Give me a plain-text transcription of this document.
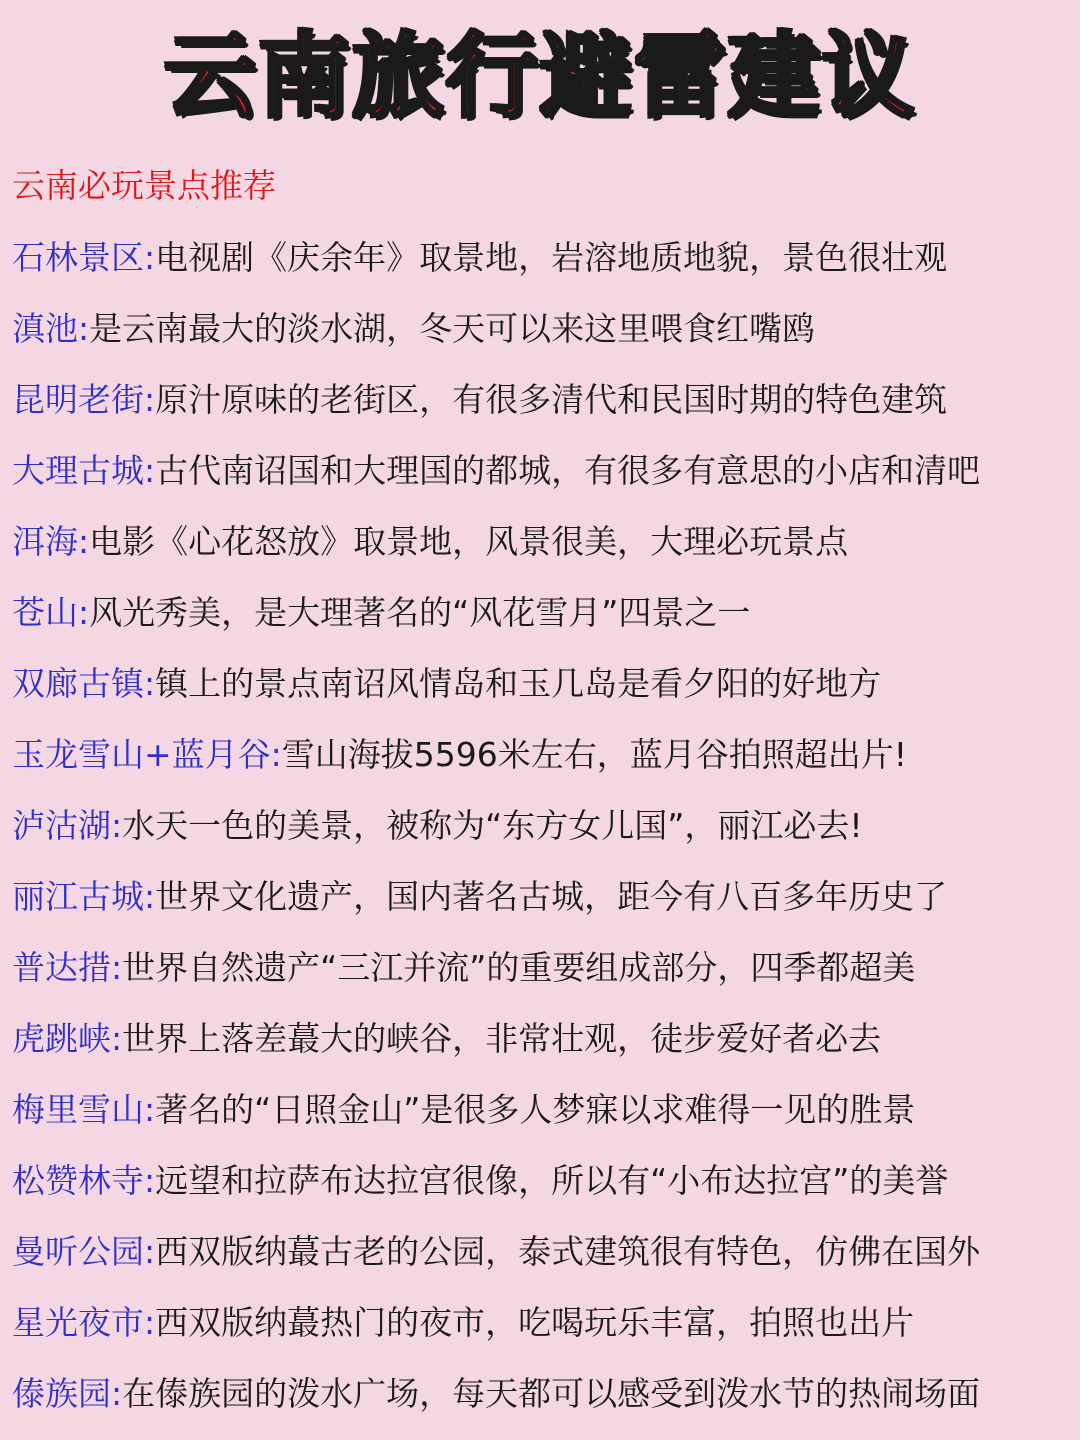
云南旅行避雷建议
云南必玩景点推荐
石林景区:电视剧《庆余年》取景地，岩溶地质地貌，景色很壮观
滇池:是云南最大的淡水湖，冬天可以来这里喂食红嘴鸥
昆明老街:原汁原味的老街区，有很多清代和民国时期的特色建筑
大理古城:古代南诏国和大理国的都城，有很多有意思的小店和清吧
洱海:电影《心花怒放》取景地，风景很美，大理必玩景点
苍山:风光秀美，是大理著名的“风花雪月”四景之一
双廊古镇:镇上的景点南诏风情岛和玉几岛是看夕阳的好地方
玉龙雪山+蓝月谷:雪山海拔5596米左右，蓝月谷拍照超出片!
泸沽湖:水天一色的美景，被称为“东方女儿国”，丽江必去!
丽江古城:世界文化遗产，国内著名古城，距今有八百多年历史了
普达措:世界自然遗产“三江并流”的重要组成部分，四季都超美
虎跳峡:世界上落差蕞大的峡谷，非常壮观，徒步爱好者必去
梅里雪山:著名的“日照金山”是很多人梦寐以求难得一见的胜景
松赞林寺:远望和拉萨布达拉宫很像，所以有“小布达拉宫”的美誉
曼听公园:西双版纳蕞古老的公园，泰式建筑很有特色，仿佛在国外
星光夜市:西双版纳蕞热门的夜市，吃喝玩乐丰富，拍照也出片
傣族园:在傣族园的泼水广场，每天都可以感受到泼水节的热闹场面
